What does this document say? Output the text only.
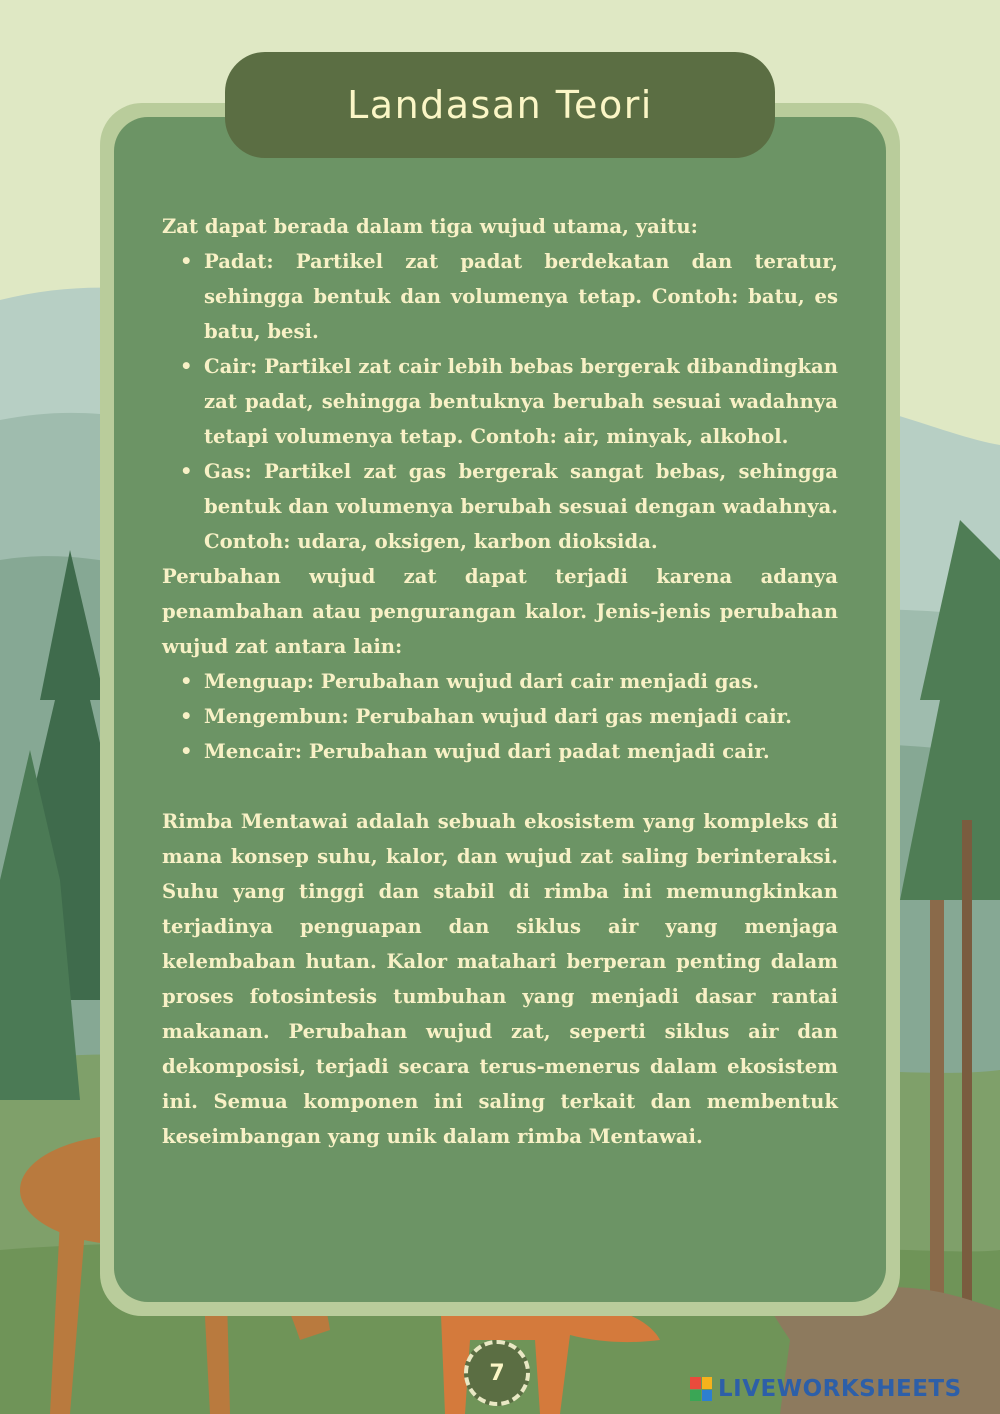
Landasan Teori

Zat dapat berada dalam tiga wujud utama, yaitu:

• Padat: Partikel zat padat berdekatan dan teratur, sehingga bentuk dan volumenya tetap. Contoh: batu, es batu, besi.
• Cair: Partikel zat cair lebih bebas bergerak dibandingkan zat padat, sehingga bentuknya berubah sesuai wadahnya tetapi volumenya tetap. Contoh: air, minyak, alkohol.
• Gas: Partikel zat gas bergerak sangat bebas, sehingga bentuk dan volumenya berubah sesuai dengan wadahnya. Contoh: udara, oksigen, karbon dioksida.

Perubahan wujud zat dapat terjadi karena adanya penambahan atau pengurangan kalor. Jenis-jenis perubahan wujud zat antara lain:

• Menguap: Perubahan wujud dari cair menjadi gas.
• Mengembun: Perubahan wujud dari gas menjadi cair.
• Mencair: Perubahan wujud dari padat menjadi cair.

Rimba Mentawai adalah sebuah ekosistem yang kompleks di mana konsep suhu, kalor, dan wujud zat saling berinteraksi. Suhu yang tinggi dan stabil di rimba ini memungkinkan terjadinya penguapan dan siklus air yang menjaga kelembaban hutan. Kalor matahari berperan penting dalam proses fotosintesis tumbuhan yang menjadi dasar rantai makanan. Perubahan wujud zat, seperti siklus air dan dekomposisi, terjadi secara terus-menerus dalam ekosistem ini. Semua komponen ini saling terkait dan membentuk keseimbangan yang unik dalam rimba Mentawai.

7
LIVEWORKSHEETS
